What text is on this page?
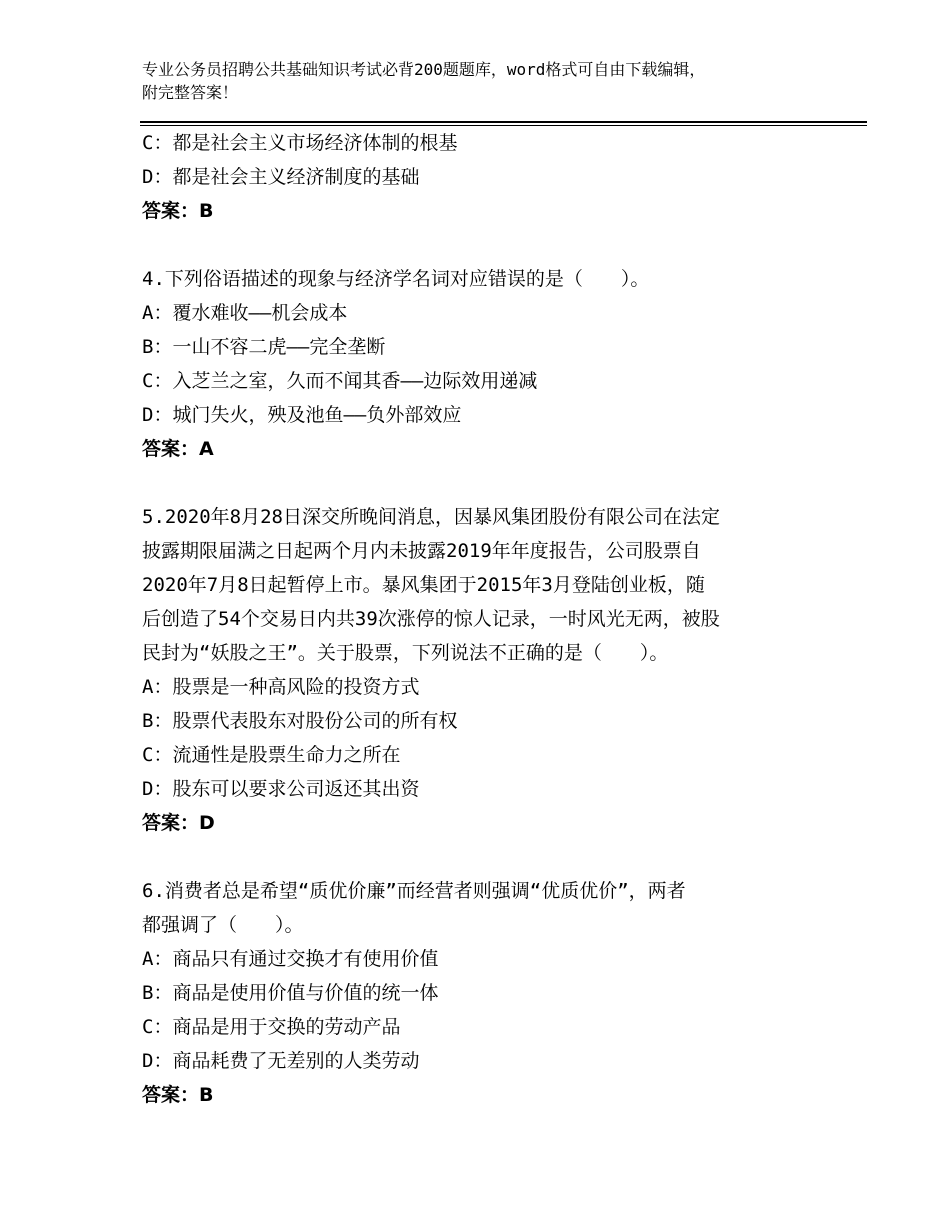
专业公务员招聘公共基础知识考试必背200题题库，word格式可自由下载编辑，
附完整答案！

C：都是社会主义市场经济体制的根基

D：都是社会主义经济制度的基础

答案：B

4.下列俗语描述的现象与经济学名词对应错误的是（　　）。

A：覆水难收——机会成本

B：一山不容二虎——完全垄断

C：入芝兰之室，久而不闻其香——边际效用递减

D：城门失火，殃及池鱼——负外部效应

答案：A

5.2020年8月28日深交所晚间消息，因暴风集团股份有限公司在法定

披露期限届满之日起两个月内未披露2019年年度报告，公司股票自

2020年7月8日起暂停上市。暴风集团于2015年3月登陆创业板，随

后创造了54个交易日内共39次涨停的惊人记录，一时风光无两，被股

民封为“妖股之王”。关于股票，下列说法不正确的是（　　）。

A：股票是一种高风险的投资方式

B：股票代表股东对股份公司的所有权

C：流通性是股票生命力之所在

D：股东可以要求公司返还其出资

答案：D

6.消费者总是希望“质优价廉”而经营者则强调“优质优价”，两者

都强调了（　　）。

A：商品只有通过交换才有使用价值

B：商品是使用价值与价值的统一体

C：商品是用于交换的劳动产品

D：商品耗费了无差别的人类劳动

答案：B
